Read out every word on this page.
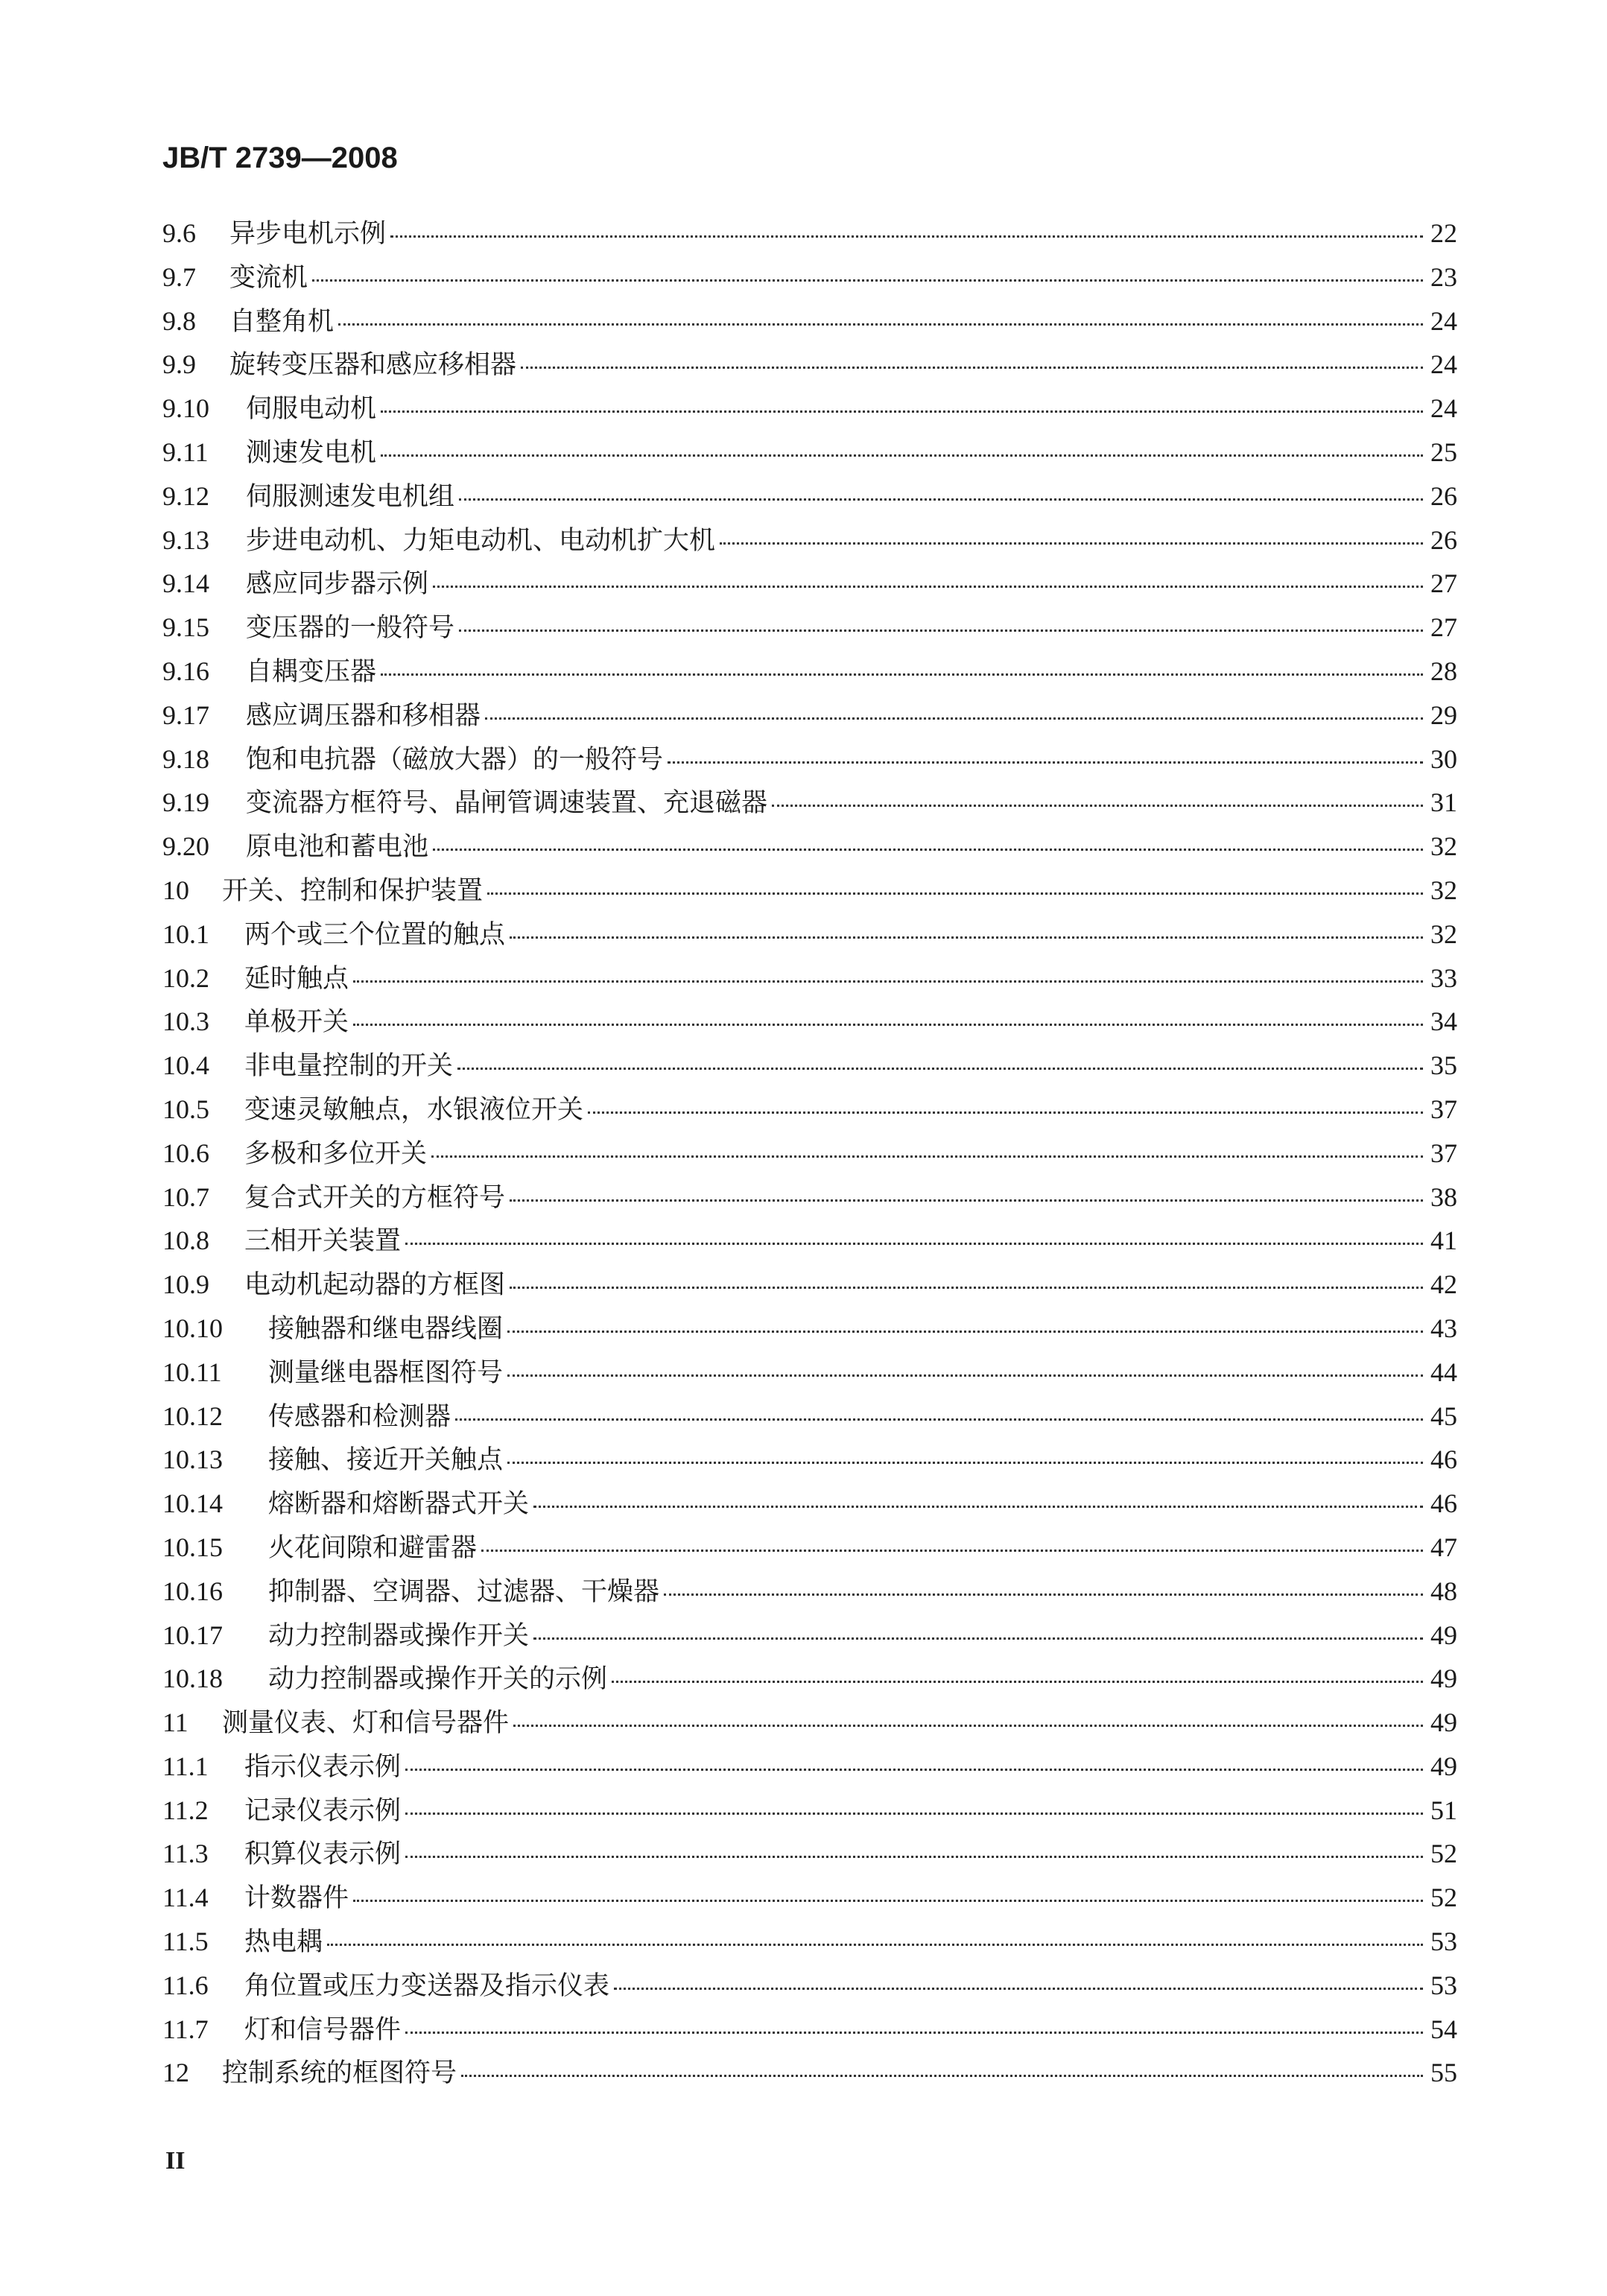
JB/T 2739—2008
9.6	异步电机示例	22
9.7	变流机	23
9.8	自整角机	24
9.9	旋转变压器和感应移相器	24
9.10	伺服电动机	24
9.11	测速发电机	25
9.12	伺服测速发电机组	26
9.13	步进电动机、力矩电动机、电动机扩大机	26
9.14	感应同步器示例	27
9.15	变压器的一般符号	27
9.16	自耦变压器	28
9.17	感应调压器和移相器	29
9.18	饱和电抗器（磁放大器）的一般符号	30
9.19	变流器方框符号、晶闸管调速装置、充退磁器	31
9.20	原电池和蓄电池	32
10	开关、控制和保护装置	32
10.1	两个或三个位置的触点	32
10.2	延时触点	33
10.3	单极开关	34
10.4	非电量控制的开关	35
10.5	变速灵敏触点，水银液位开关	37
10.6	多极和多位开关	37
10.7	复合式开关的方框符号	38
10.8	三相开关装置	41
10.9	电动机起动器的方框图	42
10.10	接触器和继电器线圈	43
10.11	测量继电器框图符号	44
10.12	传感器和检测器	45
10.13	接触、接近开关触点	46
10.14	熔断器和熔断器式开关	46
10.15	火花间隙和避雷器	47
10.16	抑制器、空调器、过滤器、干燥器	48
10.17	动力控制器或操作开关	49
10.18	动力控制器或操作开关的示例	49
11	测量仪表、灯和信号器件	49
11.1	指示仪表示例	49
11.2	记录仪表示例	51
11.3	积算仪表示例	52
11.4	计数器件	52
11.5	热电耦	53
11.6	角位置或压力变送器及指示仪表	53
11.7	灯和信号器件	54
12	控制系统的框图符号	55
II
